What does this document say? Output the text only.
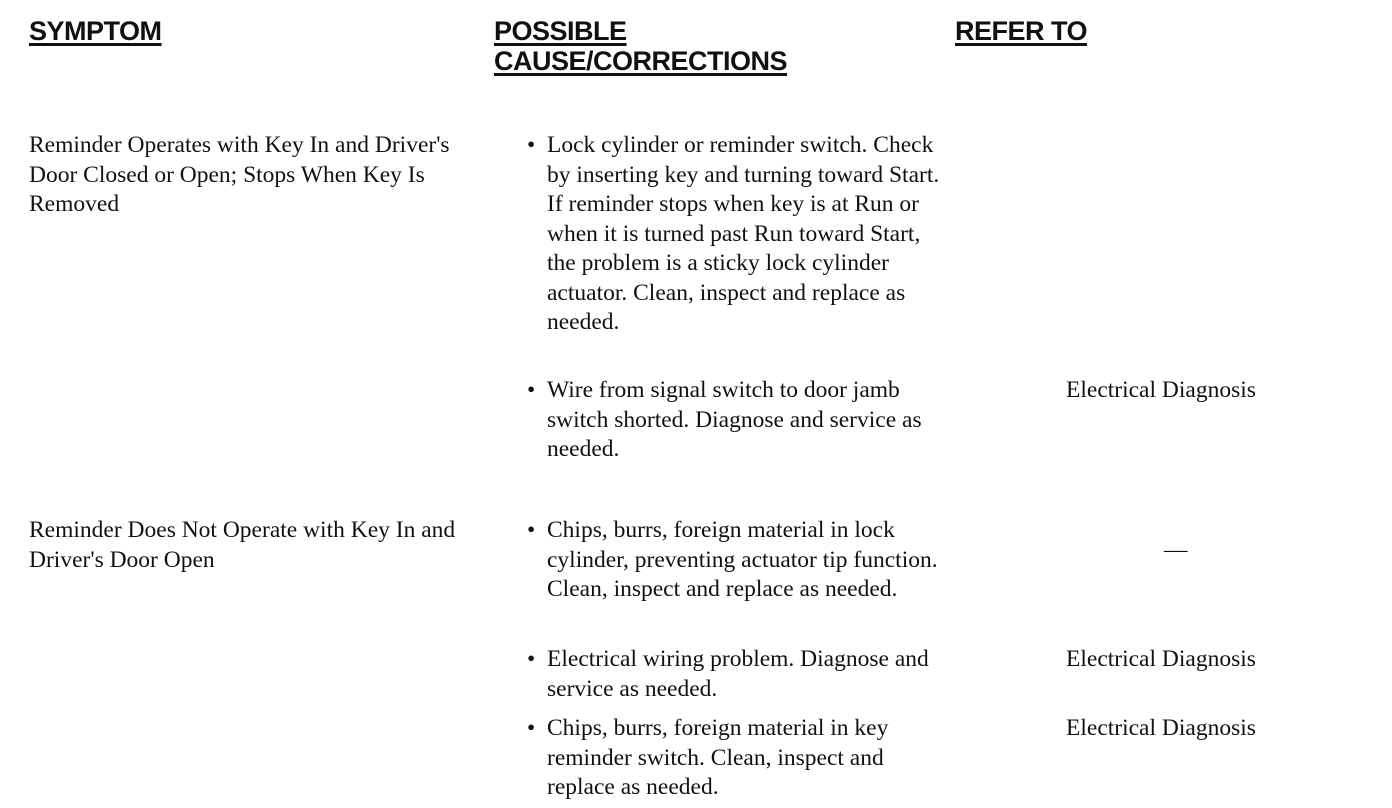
SYMPTOM	POSSIBLE CAUSE/CORRECTIONS
REFER TO

Reminder Operates with Key In and Driver's Door Closed or Open; Stops When Key Is Removed

• Lock cylinder or reminder switch. Check by inserting key and turning toward Start. If reminder stops when key is at Run or when it is turned past Run toward Start, the problem is a sticky lock cylinder actuator. Clean, inspect and replace as needed.
• Wire from signal switch to door jamb switch shorted. Diagnose and service as needed.

Electrical Diagnosis

Reminder Does Not Operate with Key In and Driver's Door Open

• Chips, burrs, foreign material in lock cylinder, preventing actuator tip function. Clean, inspect and replace as needed.

—

• Electrical wiring problem. Diagnose and service as needed.

Electrical Diagnosis

• Chips, burrs, foreign material in key reminder switch. Clean, inspect and replace as needed.

Electrical Diagnosis
